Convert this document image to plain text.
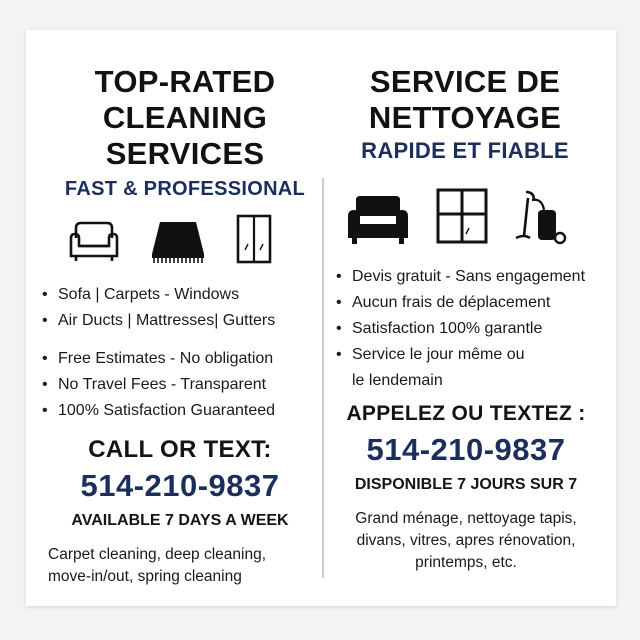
TOP-RATED
CLEANING
SERVICES
FAST & PROFESSIONAL
• Sofa | Carpets - Windows
• Air Ducts | Mattresses| Gutters
• Free Estimates - No obligation
• No Travel Fees - Transparent
• 100% Satisfaction Guaranteed
CALL OR TEXT:
514-210-9837
AVAILABLE 7 DAYS A WEEK
Carpet cleaning, deep cleaning,
move-in/out, spring cleaning
SERVICE DE
NETTOYAGE
RAPIDE ET FIABLE
• Devis gratuit - Sans engagement
• Aucun frais de déplacement
• Satisfaction 100% garantle
• Service le jour même ou
le lendemain
APPELEZ OU TEXTEZ :
514-210-9837
DISPONIBLE 7 JOURS SUR 7
Grand ménage, nettoyage tapis,
divans, vitres, apres rénovation,
printemps, etc.
